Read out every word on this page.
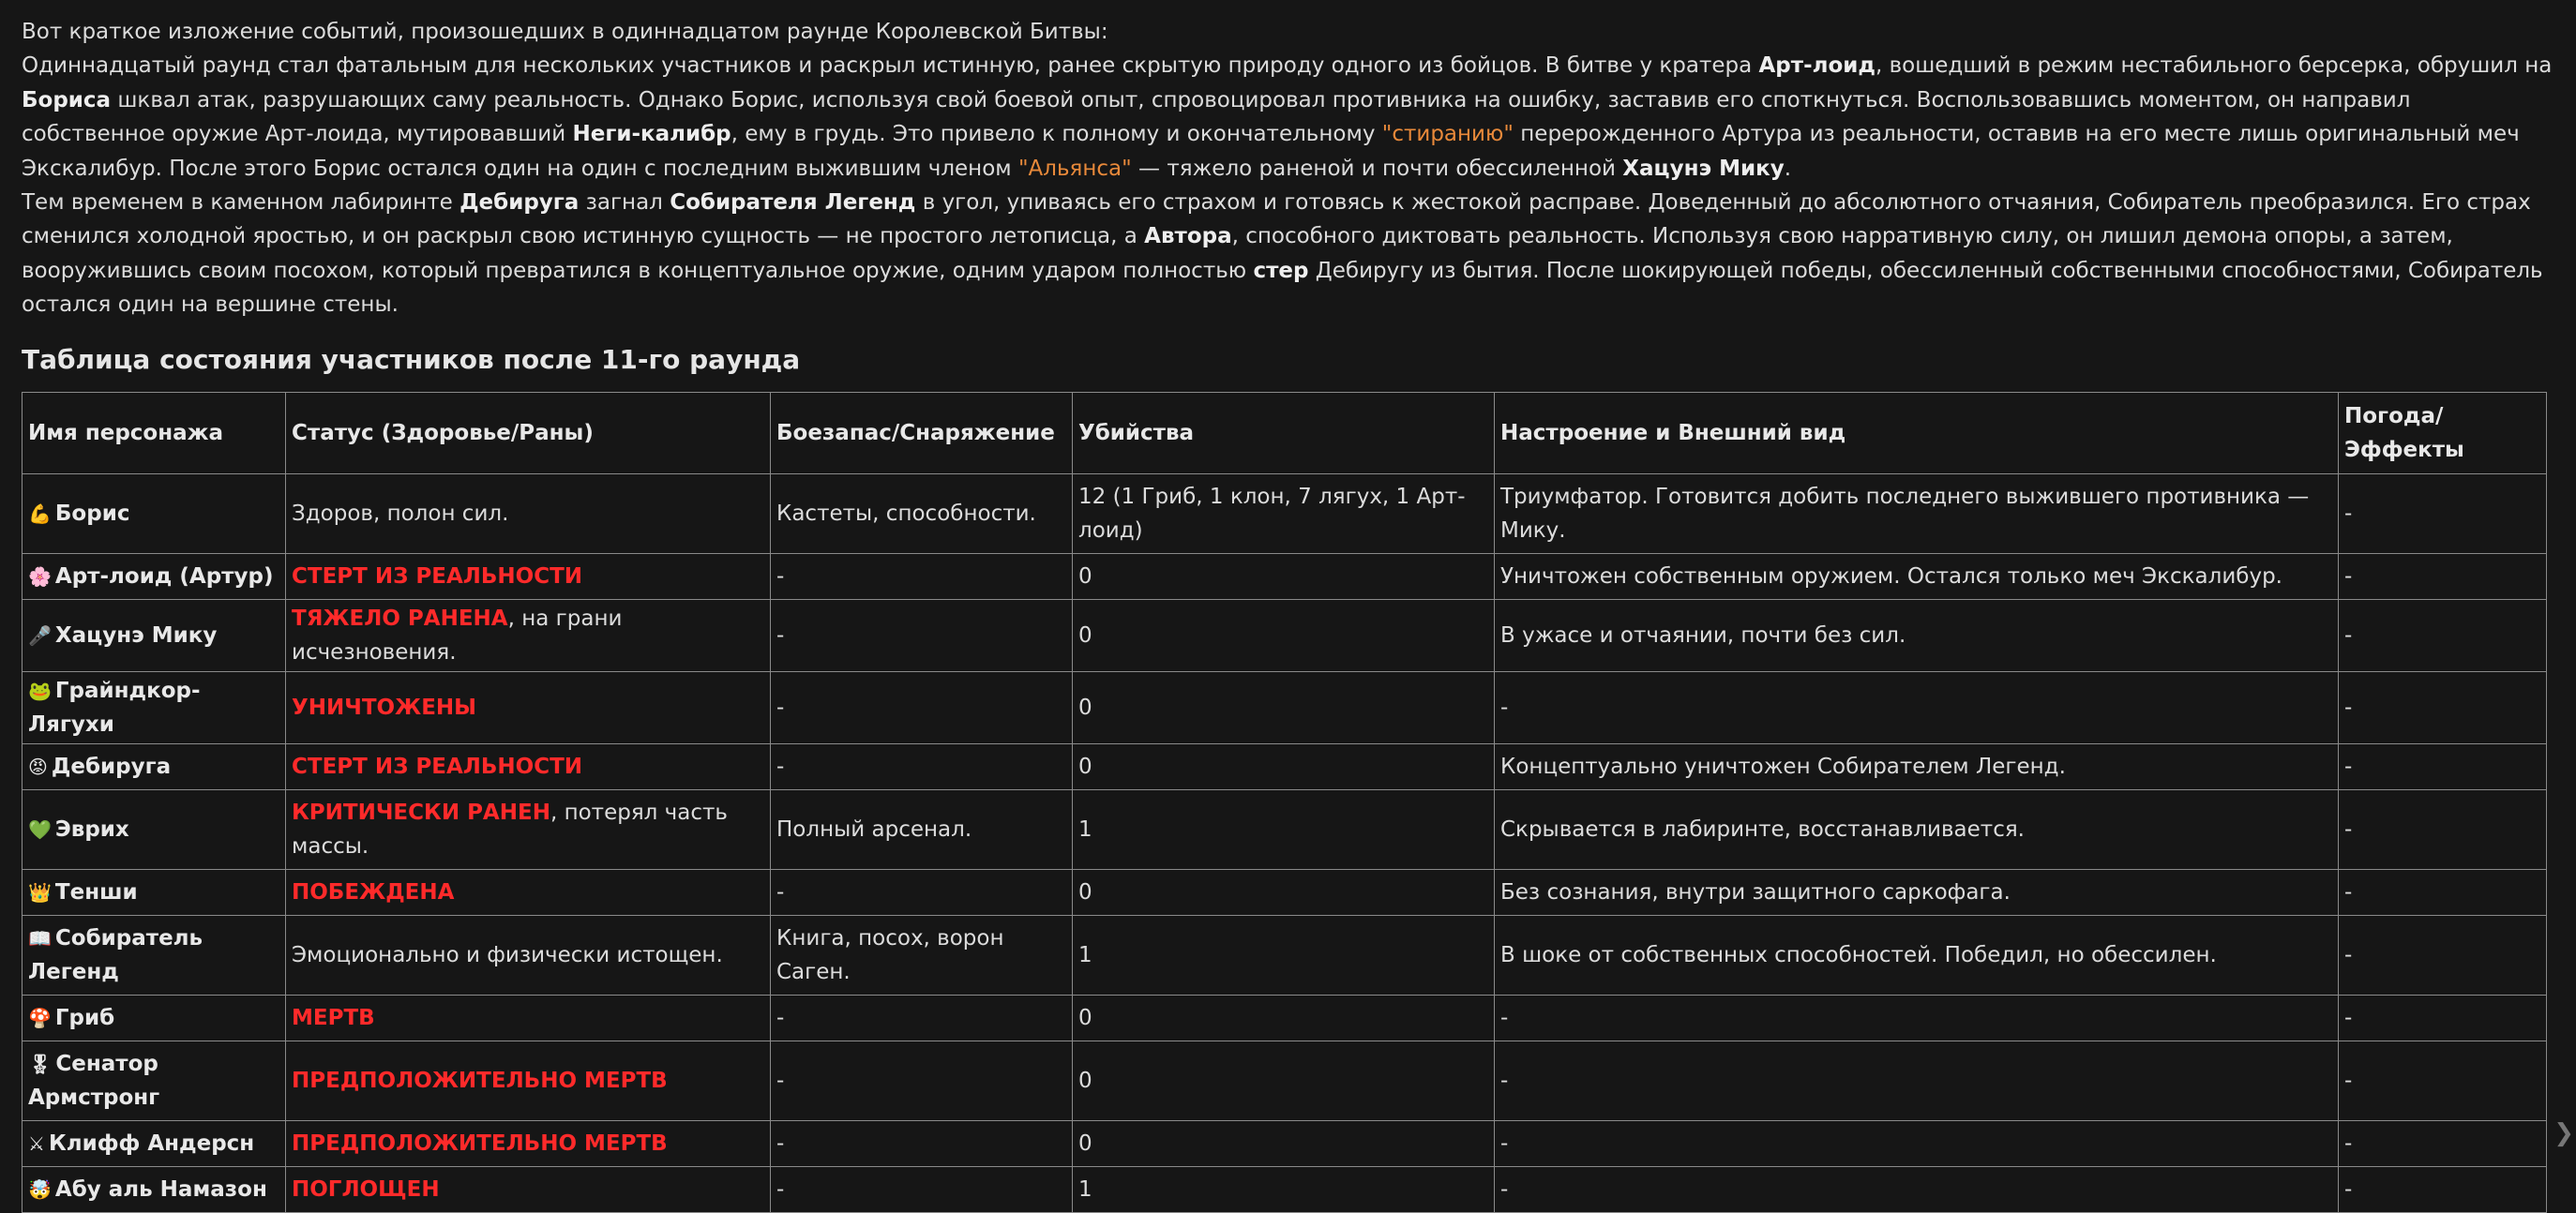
Вот краткое изложение событий, произошедших в одиннадцатом раунде Королевской Битвы:

Одиннадцатый раунд стал фатальным для нескольких участников и раскрыл истинную, ранее скрытую природу одного из бойцов. В битве у кратера Арт-лоид, вошедший в режим нестабильного берсерка, обрушил на Бориса шквал атак, разрушающих саму реальность. Однако Борис, используя свой боевой опыт, спровоцировал противника на ошибку, заставив его споткнуться. Воспользовавшись моментом, он направил собственное оружие Арт-лоида, мутировавший Неги-калибр, ему в грудь. Это привело к полному и окончательному "стиранию" перерожденного Артура из реальности, оставив на его месте лишь оригинальный меч Экскалибур. После этого Борис остался один на один с последним выжившим членом "Альянса" — тяжело раненой и почти обессиленной Хацунэ Мику.

Тем временем в каменном лабиринте Дебируга загнал Собирателя Легенд в угол, упиваясь его страхом и готовясь к жестокой расправе. Доведенный до абсолютного отчаяния, Собиратель преобразился. Его страх сменился холодной яростью, и он раскрыл свою истинную сущность — не простого летописца, а Автора, способного диктовать реальность. Используя свою нарративную силу, он лишил демона опоры, а затем, вооружившись своим посохом, который превратился в концептуальное оружие, одним ударом полностью стер Дебиругу из бытия. После шокирующей победы, обессиленный собственными способностями, Собиратель остался один на вершине стены.

Таблица состояния участников после 11-го раунда
Имя персонажа	Статус (Здоровье/Раны)	Боезапас/Снаряжение	Убийства	Настроение и Внешний вид	Погода/ Эффекты
💪 Борис	Здоров, полон сил.	Кастеты, способности.	12 (1 Гриб, 1 клон, 7 лягух, 1 Арт-лоид)	Триумфатор. Готовится добить последнего выжившего противника — Мику.	-
🌸 Арт-лоид (Артур)	СТЕРТ ИЗ РЕАЛЬНОСТИ	-	0	Уничтожен собственным оружием. Остался только меч Экскалибур.	-
🎤 Хацунэ Мику	ТЯЖЕЛО РАНЕНА, на грани исчезновения.	-	0	В ужасе и отчаянии, почти без сил.	-
🐸 Грайндкор-Лягухи	УНИЧТОЖЕНЫ	-	0	-	-
😡 Дебируга	СТЕРТ ИЗ РЕАЛЬНОСТИ	-	0	Концептуально уничтожен Собирателем Легенд.	-
💚 Эврих	КРИТИЧЕСКИ РАНЕН, потерял часть массы.	Полный арсенал.	1	Скрывается в лабиринте, восстанавливается.	-
👑 Тенши	ПОБЕЖДЕНА	-	0	Без сознания, внутри защитного саркофага.	-
📖 Собиратель Легенд	Эмоционально и физически истощен.	Книга, посох, ворон Саген.	1	В шоке от собственных способностей. Победил, но обессилен.	-
🍄 Гриб	МЕРТВ	-	0	-	-
🎖 Сенатор Армстронг	ПРЕДПОЛОЖИТЕЛЬНО МЕРТВ	-	0	-	-
⚔ Клифф Андерсн	ПРЕДПОЛОЖИТЕЛЬНО МЕРТВ	-	0	-	-
🤯 Абу аль Намазон	ПОГЛОЩЕН	-	1	-	-
❯
